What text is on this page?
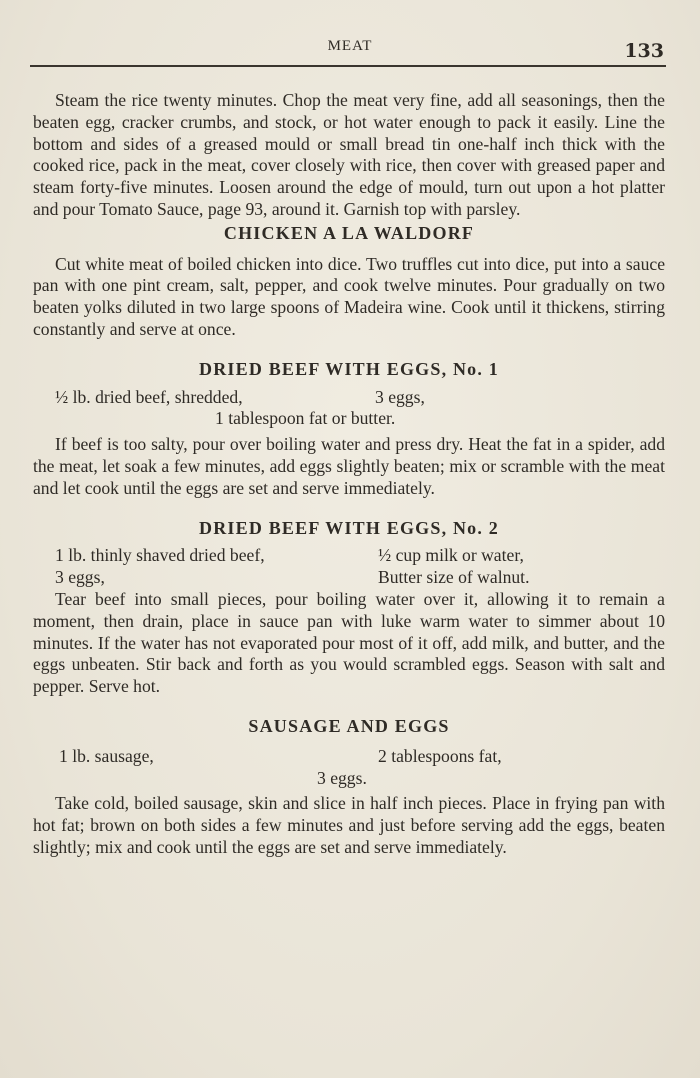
MEAT	133

Steam the rice twenty minutes. Chop the meat very fine, add all seasonings, then the beaten egg, cracker crumbs, and stock, or hot water enough to pack it easily. Line the bottom and sides of a greased mould or small bread tin one-half inch thick with the cooked rice, pack in the meat, cover closely with rice, then cover with greased paper and steam forty-five minutes. Loosen around the edge of mould, turn out upon a hot platter and pour Tomato Sauce, page 93, around it. Garnish top with parsley.

CHICKEN A LA WALDORF

Cut white meat of boiled chicken into dice. Two truffles cut into dice, put into a sauce pan with one pint cream, salt, pepper, and cook twelve minutes. Pour gradually on two beaten yolks diluted in two large spoons of Madeira wine. Cook until it thickens, stirring constantly and serve at once.

DRIED BEEF WITH EGGS, No. 1
½ lb. dried beef, shredded,	3 eggs,
1 tablespoon fat or butter.

If beef is too salty, pour over boiling water and press dry. Heat the fat in a spider, add the meat, let soak a few minutes, add eggs slightly beaten; mix or scramble with the meat and let cook until the eggs are set and serve immediately.

DRIED BEEF WITH EGGS, No. 2
1 lb. thinly shaved dried beef,	½ cup milk or water,
3 eggs,	Butter size of walnut.

Tear beef into small pieces, pour boiling water over it, allowing it to remain a moment, then drain, place in sauce pan with luke warm water to simmer about 10 minutes. If the water has not evaporated pour most of it off, add milk, and butter, and the eggs unbeaten. Stir back and forth as you would scrambled eggs. Season with salt and pepper. Serve hot.

SAUSAGE AND EGGS
1 lb. sausage,	2 tablespoons fat,
3 eggs.

Take cold, boiled sausage, skin and slice in half inch pieces. Place in frying pan with hot fat; brown on both sides a few minutes and just before serving add the eggs, beaten slightly; mix and cook until the eggs are set and serve immediately.
